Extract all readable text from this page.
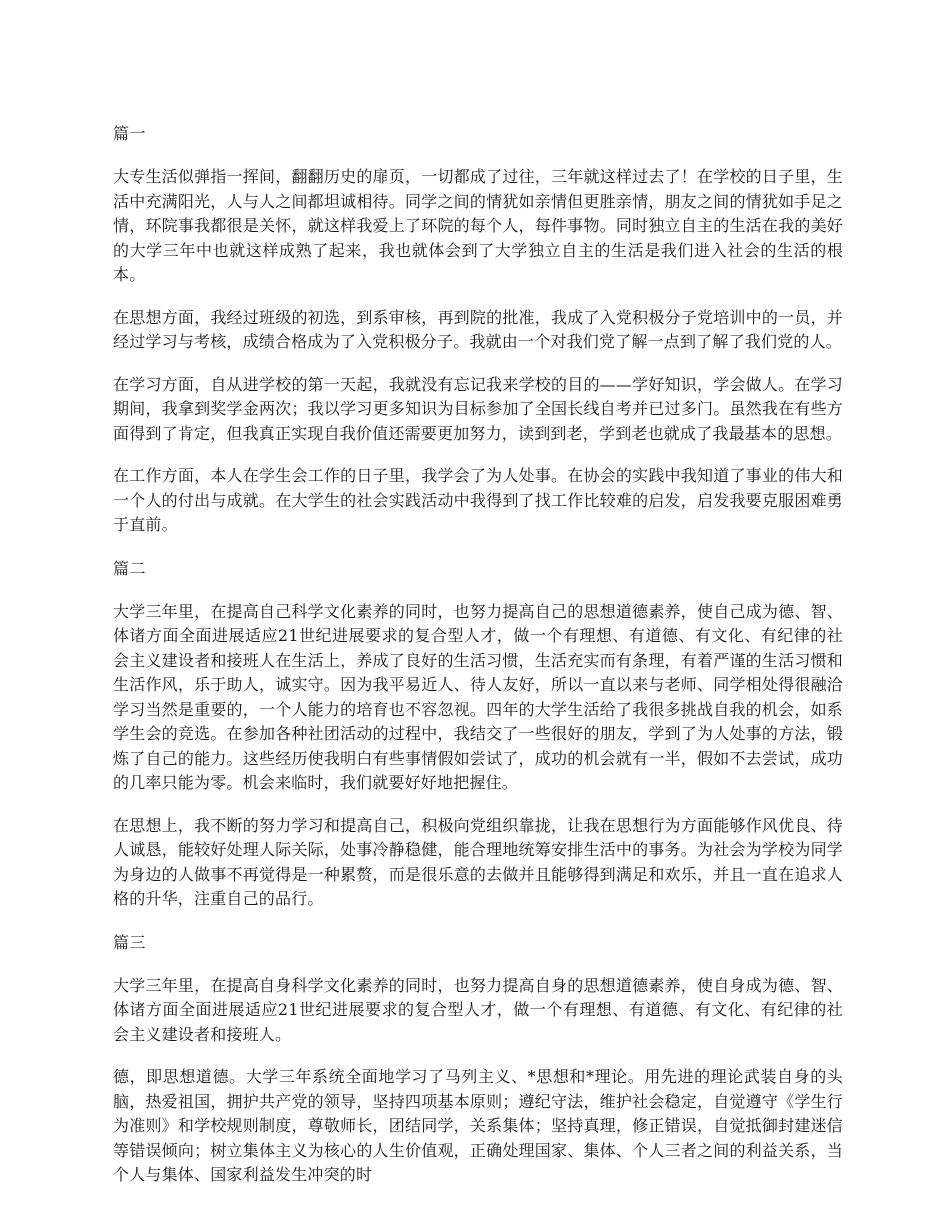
篇一

大专生活似弹指一挥间，翻翻历史的扉页，一切都成了过往，三年就这样过去了！在学校的日子里，生活中充满阳光，人与人之间都坦诚相待。同学之间的情犹如亲情但更胜亲情，朋友之间的情犹如手足之情，环院事我都很是关怀，就这样我爱上了环院的每个人，每件事物。同时独立自主的生活在我的美好的大学三年中也就这样成熟了起来，我也就体会到了大学独立自主的生活是我们进入社会的生活的根本。

在思想方面，我经过班级的初选，到系审核，再到院的批准，我成了入党积极分子党培训中的一员，并经过学习与考核，成绩合格成为了入党积极分子。我就由一个对我们党了解一点到了解了我们党的人。

在学习方面，自从进学校的第一天起，我就没有忘记我来学校的目的——学好知识，学会做人。在学习期间，我拿到奖学金两次；我以学习更多知识为目标参加了全国长线自考并已过多门。虽然我在有些方面得到了肯定，但我真正实现自我价值还需要更加努力，读到到老，学到老也就成了我最基本的思想。

在工作方面，本人在学生会工作的日子里，我学会了为人处事。在协会的实践中我知道了事业的伟大和一个人的付出与成就。在大学生的社会实践活动中我得到了找工作比较难的启发，启发我要克服困难勇于直前。

篇二

大学三年里，在提高自己科学文化素养的同时，也努力提高自己的思想道德素养，使自己成为德、智、体诸方面全面进展适应21世纪进展要求的复合型人才，做一个有理想、有道德、有文化、有纪律的社会主义建设者和接班人在生活上，养成了良好的生活习惯，生活充实而有条理，有着严谨的生活习惯和生活作风，乐于助人，诚实守。因为我平易近人、待人友好，所以一直以来与老师、同学相处得很融洽学习当然是重要的，一个人能力的培育也不容忽视。四年的大学生活给了我很多挑战自我的机会，如系学生会的竞选。在参加各种社团活动的过程中，我结交了一些很好的朋友，学到了为人处事的方法，锻炼了自己的能力。这些经历使我明白有些事情假如尝试了，成功的机会就有一半，假如不去尝试，成功的几率只能为零。机会来临时，我们就要好好地把握住。

在思想上，我不断的努力学习和提高自己，积极向党组织靠拢，让我在思想行为方面能够作风优良、待人诚恳，能较好处理人际关际，处事冷静稳健，能合理地统筹安排生活中的事务。为社会为学校为同学为身边的人做事不再觉得是一种累赘，而是很乐意的去做并且能够得到满足和欢乐，并且一直在追求人格的升华，注重自己的品行。

篇三

大学三年里，在提高自身科学文化素养的同时，也努力提高自身的思想道德素养，使自身成为德、智、体诸方面全面进展适应21世纪进展要求的复合型人才，做一个有理想、有道德、有文化、有纪律的社会主义建设者和接班人。

德，即思想道德。大学三年系统全面地学习了马列主义、*思想和*理论。用先进的理论武装自身的头脑，热爱祖国，拥护共产党的领导，坚持四项基本原则；遵纪守法，维护社会稳定，自觉遵守《学生行为准则》和学校规则制度，尊敬师长，团结同学，关系集体；坚持真理，修正错误，自觉抵御封建迷信等错误倾向；树立集体主义为核心的人生价值观，正确处理国家、集体、个人三者之间的利益关系，当个人与集体、国家利益发生冲突的时
